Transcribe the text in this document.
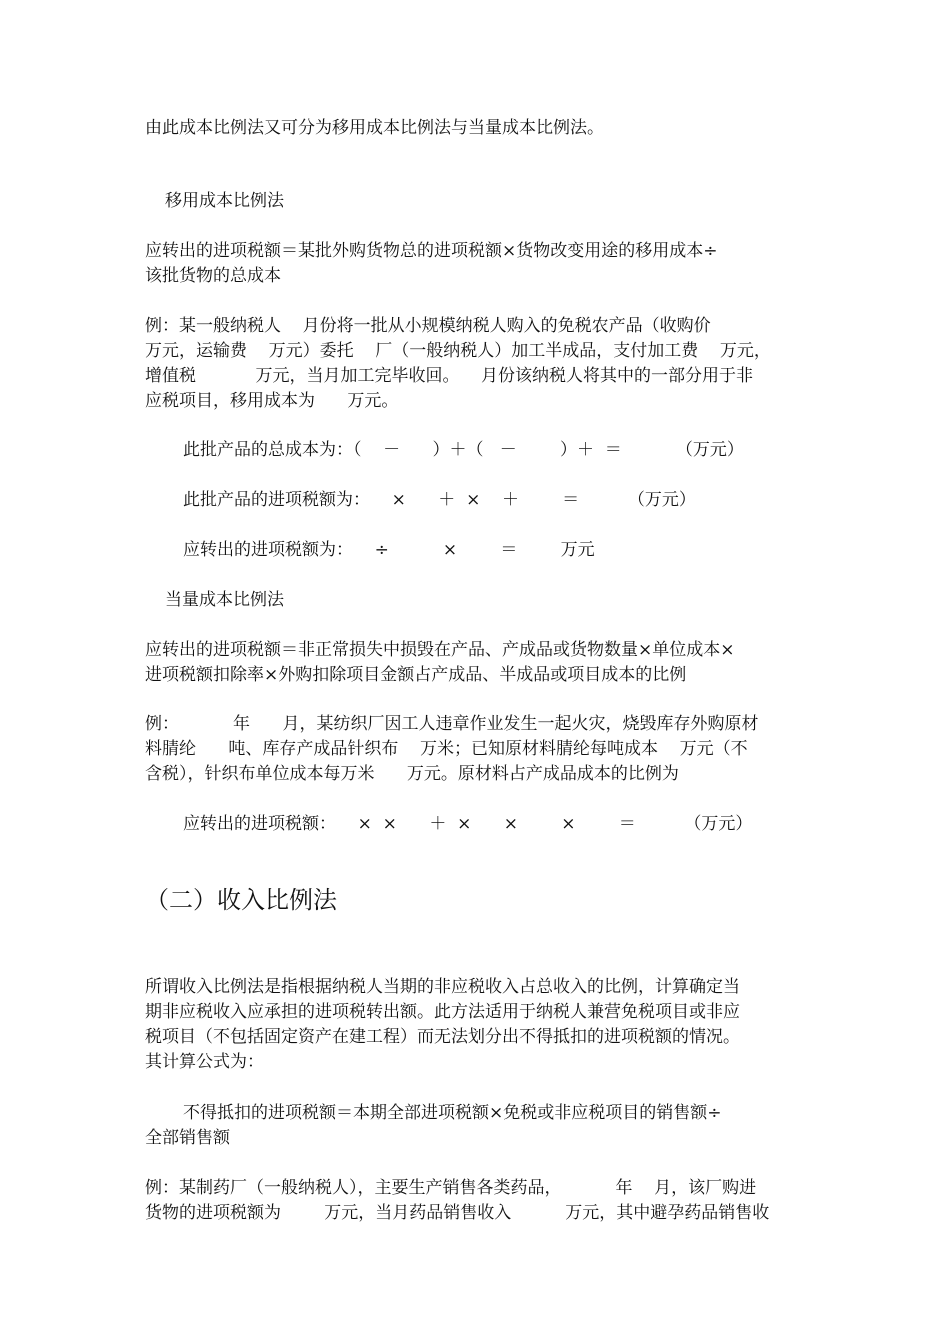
由此成本比例法又可分为移用成本比例法与当量成本比例法。
移用成本比例法
应转出的进项税额＝某批外购货物总的进项税额×货物改变用途的移用成本÷
该批货物的总成本
例：某一般纳税人    月份将一批从小规模纳税人购入的免税农产品（收购价
万元，运输费    万元）委托    厂（一般纳税人）加工半成品，支付加工费    万元，
增值税           万元，当月加工完毕收回。    月份该纳税人将其中的一部分用于非
应税项目，移用成本为      万元。
此批产品的总成本为：（    －      ）＋（   －        ）＋  ＝          （万元）
此批产品的进项税额为：    ×      ＋  ×    ＋        ＝         （万元）
应转出的进项税额为：    ÷          ×        ＝        万元
当量成本比例法
应转出的进项税额＝非正常损失中损毁在产品、产成品或货物数量×单位成本×
进项税额扣除率×外购扣除项目金额占产成品、半成品或项目成本的比例
例：          年      月，某纺织厂因工人违章作业发生一起火灾，烧毁库存外购原材
料腈纶      吨、库存产成品针织布    万米；已知原材料腈纶每吨成本    万元（不
含税），针织布单位成本每万米      万元。原材料占产成品成本的比例为
应转出的进项税额：    ×  ×      ＋  ×      ×        ×        ＝         （万元）
（二）收入比例法
所谓收入比例法是指根据纳税人当期的非应税收入占总收入的比例，计算确定当
期非应税收入应承担的进项税转出额。此方法适用于纳税人兼营免税项目或非应
税项目（不包括固定资产在建工程）而无法划分出不得抵扣的进项税额的情况。
其计算公式为：
不得抵扣的进项税额＝本期全部进项税额×免税或非应税项目的销售额÷
全部销售额
例：某制药厂（一般纳税人），主要生产销售各类药品，          年    月，该厂购进
货物的进项税额为        万元，当月药品销售收入          万元，其中避孕药品销售收
